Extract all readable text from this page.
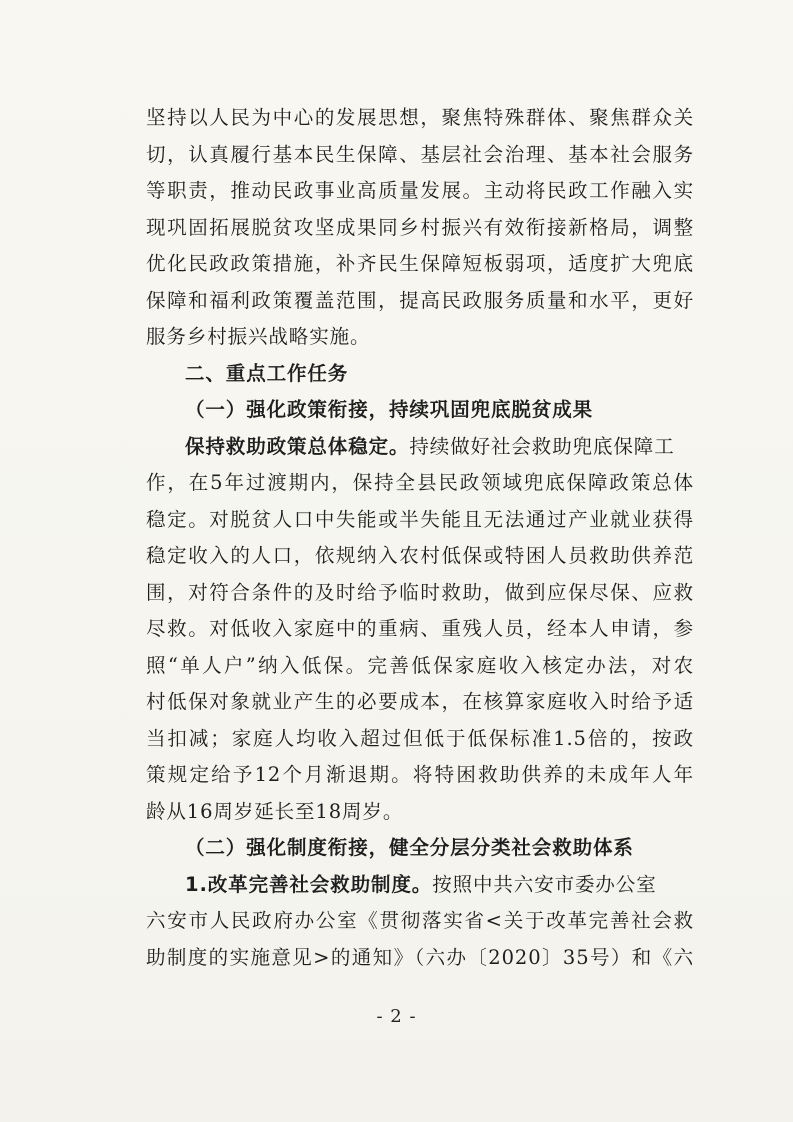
坚持以人民为中心的发展思想，聚焦特殊群体、聚焦群众关
切，认真履行基本民生保障、基层社会治理、基本社会服务
等职责，推动民政事业高质量发展。主动将民政工作融入实
现巩固拓展脱贫攻坚成果同乡村振兴有效衔接新格局，调整
优化民政政策措施，补齐民生保障短板弱项，适度扩大兜底
保障和福利政策覆盖范围，提高民政服务质量和水平，更好
服务乡村振兴战略实施。
二、重点工作任务
（一）强化政策衔接，持续巩固兜底脱贫成果
保持救助政策总体稳定。持续做好社会救助兜底保障工
作，在5年过渡期内，保持全县民政领域兜底保障政策总体
稳定。对脱贫人口中失能或半失能且无法通过产业就业获得
稳定收入的人口，依规纳入农村低保或特困人员救助供养范
围，对符合条件的及时给予临时救助，做到应保尽保、应救
尽救。对低收入家庭中的重病、重残人员，经本人申请，参
照“单人户”纳入低保。完善低保家庭收入核定办法，对农
村低保对象就业产生的必要成本，在核算家庭收入时给予适
当扣减；家庭人均收入超过但低于低保标准1.5倍的，按政
策规定给予12个月渐退期。将特困救助供养的未成年人年
龄从16周岁延长至18周岁。
（二）强化制度衔接，健全分层分类社会救助体系
1.改革完善社会救助制度。按照中共六安市委办公室
六安市人民政府办公室《贯彻落实省<关于改革完善社会救
助制度的实施意见>的通知》（六办〔2020〕35号）和《六
- 2 -
